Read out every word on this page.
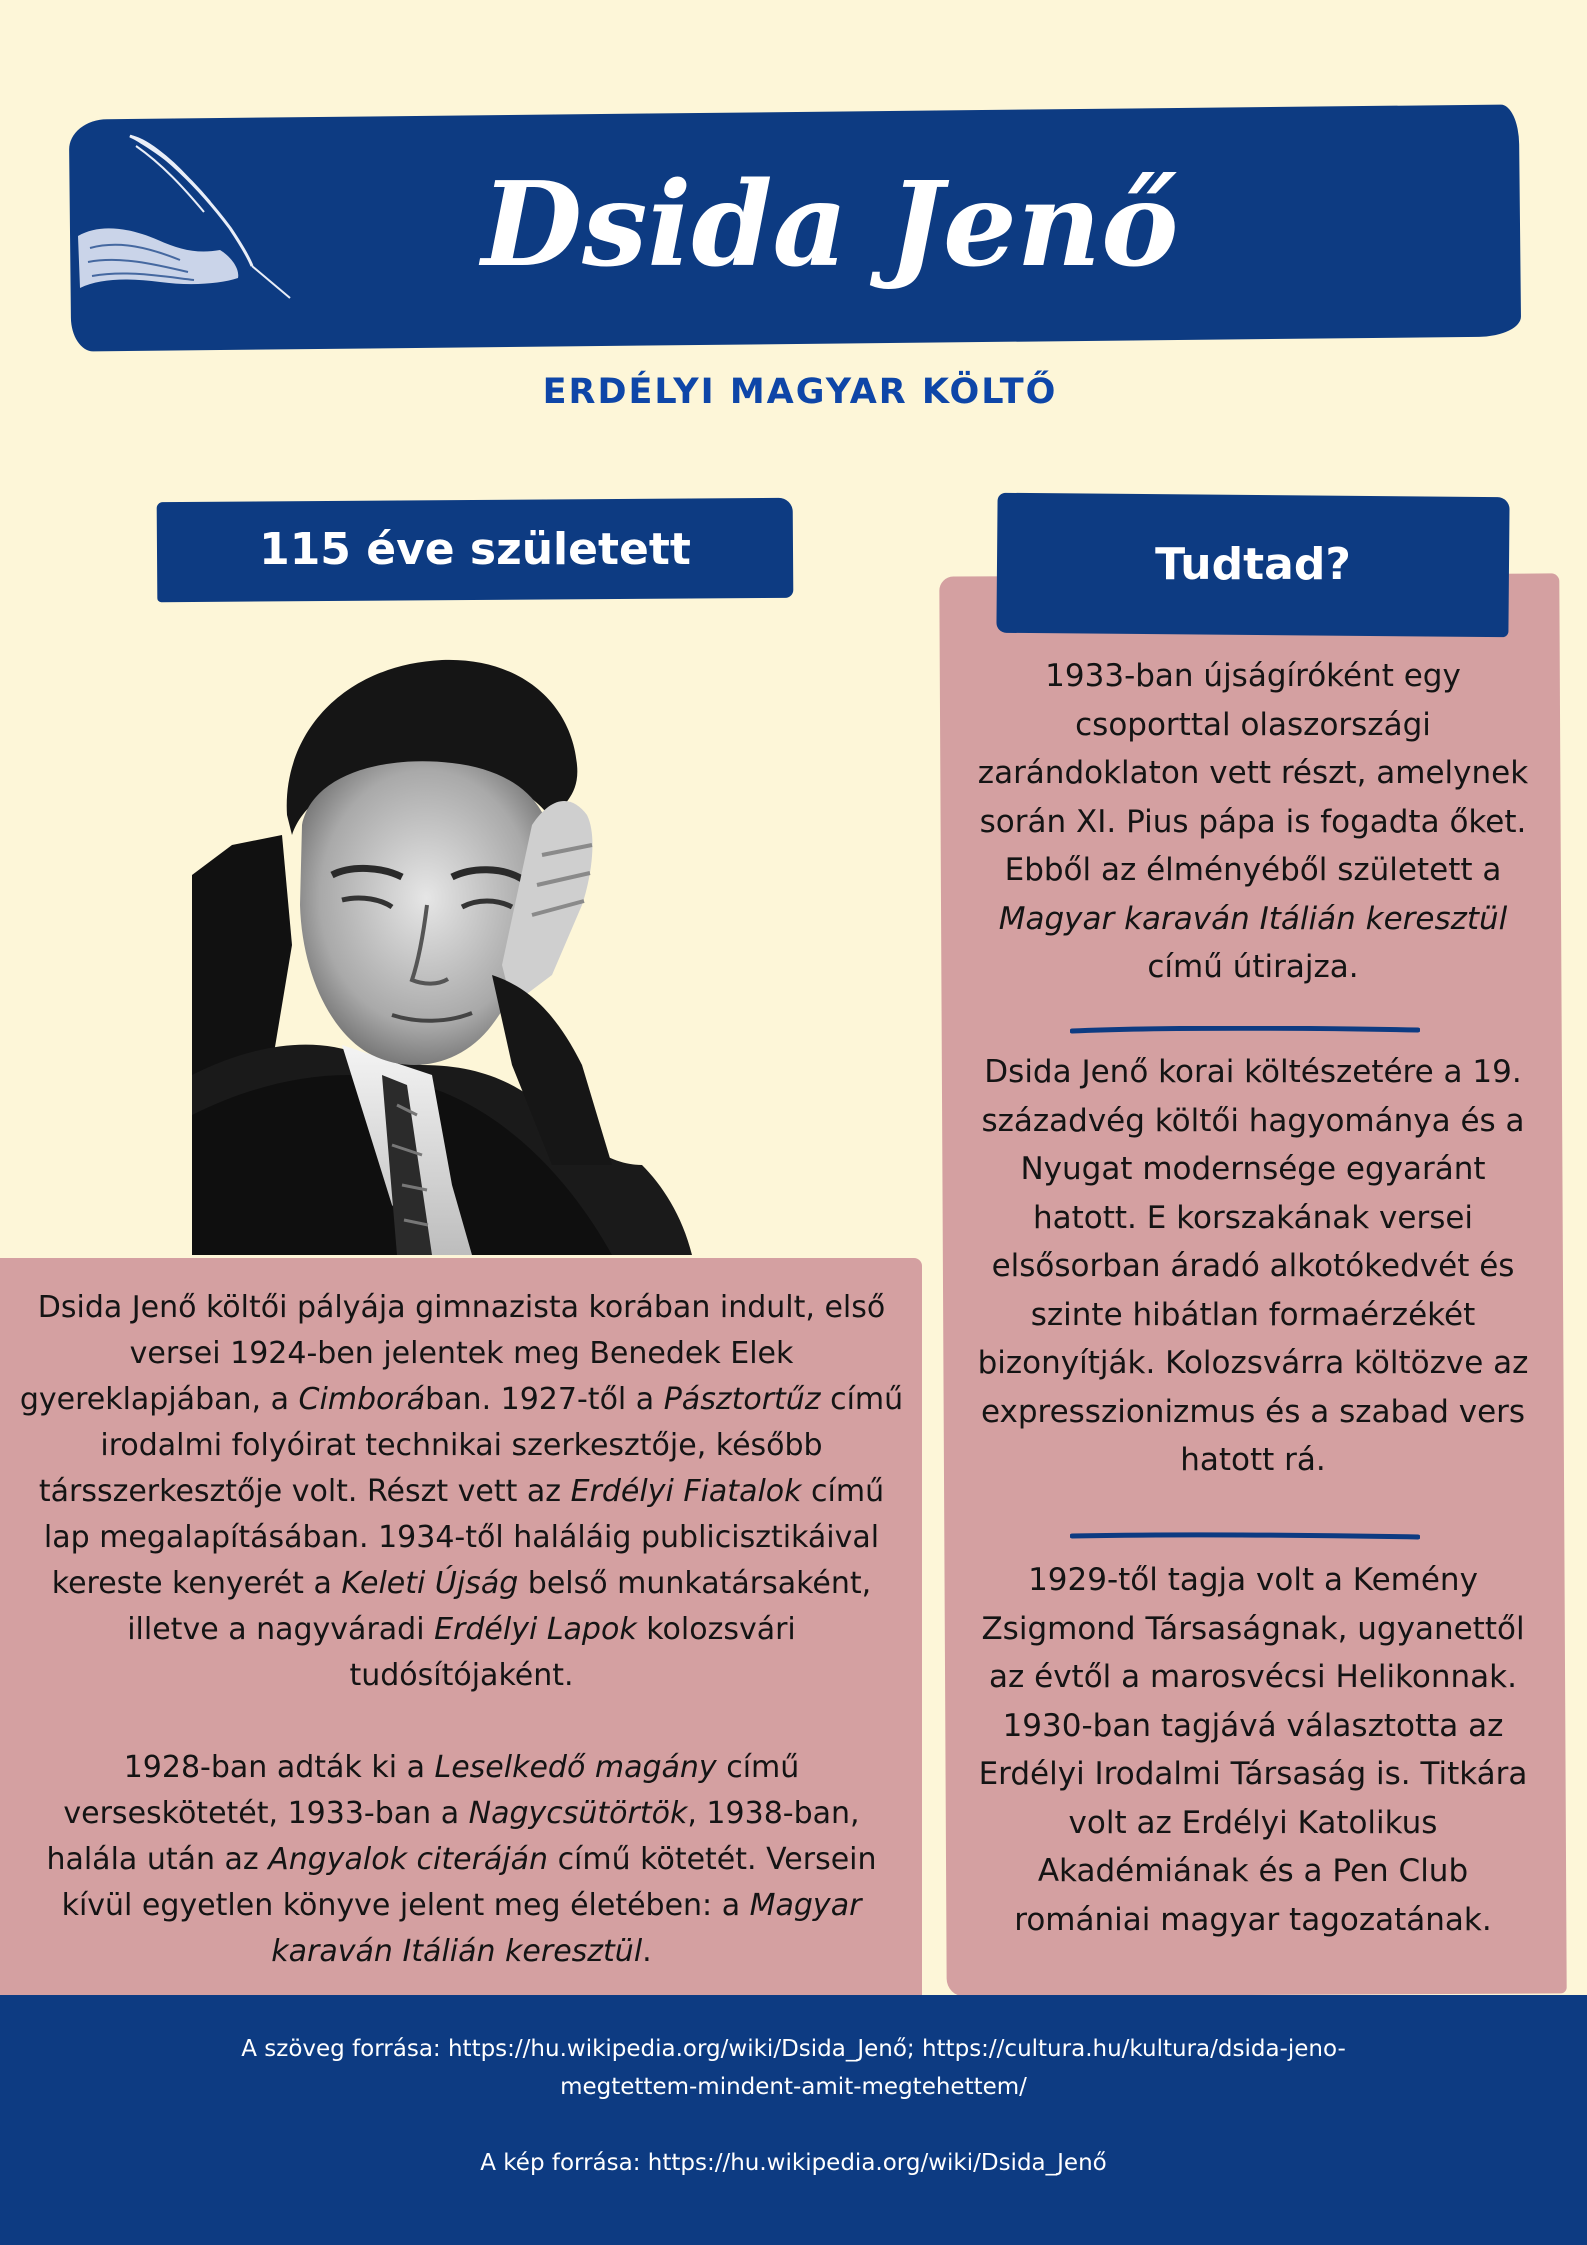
Dsida Jenő
ERDÉLYI MAGYAR KÖLTŐ
Tudtad?
115 éve született

Dsida Jenő költői pályája gimnazista korában indult, első versei 1924-ben jelentek meg Benedek Elek gyereklapjában, a Cimborában. 1927-től a Pásztortűz című irodalmi folyóirat technikai szerkesztője, később társszerkesztője volt. Részt vett az Erdélyi Fiatalok című lap megalapításában. 1934-től haláláig publicisztikáival kereste kenyerét a Keleti Újság belső munkatársaként, illetve a nagyváradi Erdélyi Lapok kolozsvári tudósítójaként.

1928-ban adták ki a Leselkedő magány című verseskötetét, 1933-ban a Nagycsütörtök, 1938-ban, halála után az Angyalok citeráján című kötetét. Versein kívül egyetlen könyve jelent meg életében: a Magyar karaván Itálián keresztül.

1933-ban újságíróként egy csoporttal olaszországi zarándoklaton vett részt, amelynek során XI. Pius pápa is fogadta őket. Ebből az élményéből született a Magyar karaván Itálián keresztül című útirajza.
Dsida Jenő korai költészetére a 19. századvég költői hagyománya és a Nyugat modernsége egyaránt hatott. E korszakának versei elsősorban áradó alkotókedvét és szinte hibátlan formaérzékét bizonyítják. Kolozsvárra költözve az expresszionizmus és a szabad vers hatott rá.
1929-től tagja volt a Kemény Zsigmond Társaságnak, ugyanettől az évtől a marosvécsi Helikonnak. 1930-ban tagjává választotta az Erdélyi Irodalmi Társaság is. Titkára volt az Erdélyi Katolikus Akadémiának és a Pen Club romániai magyar tagozatának.

A szöveg forrása: https://hu.wikipedia.org/wiki/Dsida_Jenő; https://cultura.hu/kultura/dsida-jeno-megtettem-mindent-amit-megtehettem/

A kép forrása: https://hu.wikipedia.org/wiki/Dsida_Jenő
